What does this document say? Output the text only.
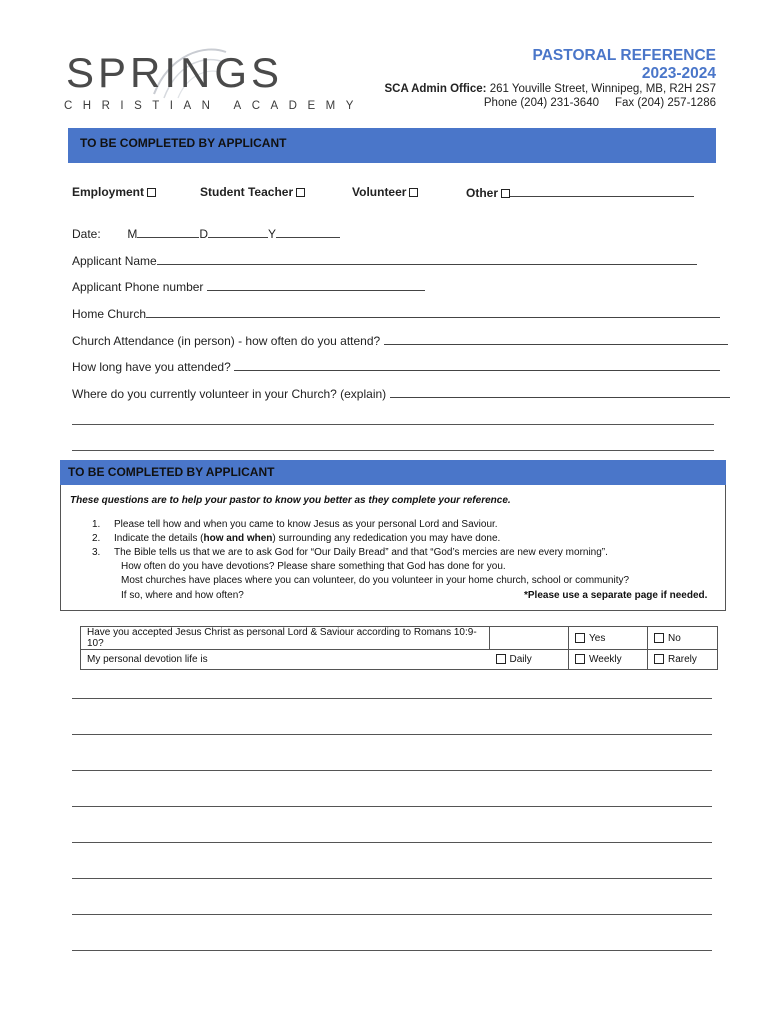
SPRINGS
CHRISTIAN ACADEMY
PASTORAL REFERENCE
2023-2024
SCA Admin Office: 261 Youville Street, Winnipeg, MB, R2H 2S7
Phone (204) 231-3640 Fax (204) 257-1286
TO BE COMPLETED BY APPLICANT
Employment	Student Teacher	Volunteer	Other
Date: M	D	Y
Applicant Name
Applicant Phone number
Home Church
Church Attendance (in person) - how often do you attend?
How long have you attended?
Where do you currently volunteer in your Church? (explain)
TO BE COMPLETED BY APPLICANT
These questions are to help your pastor to know you better as they complete your reference.
1. Please tell how and when you came to know Jesus as your personal Lord and Saviour.
2. Indicate the details (how and when) surrounding any rededication you may have done.
3. The Bible tells us that we are to ask God for “Our Daily Bread” and that “God’s mercies are new every morning”.
How often do you have devotions? Please share something that God has done for you.
Most churches have places where you can volunteer, do you volunteer in your home church, school or community?
If so, where and how often?	*Please use a separate page if needed.
Have you accepted Jesus Christ as personal Lord & Saviour according to Romans 10:9-10?		Yes	No
My personal devotion life is	Daily	Weekly	Rarely
